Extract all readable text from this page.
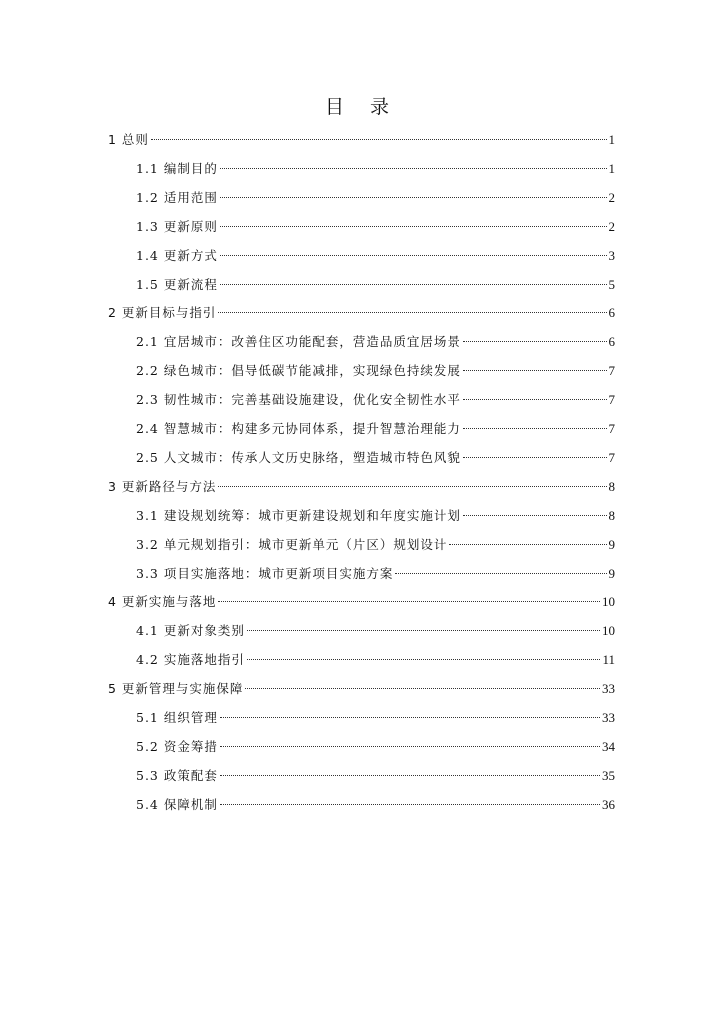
目 录
1 总则	1
1.1 编制目的	1
1.2 适用范围	2
1.3 更新原则	2
1.4 更新方式	3
1.5 更新流程	5
2 更新目标与指引	6
2.1 宜居城市：改善住区功能配套，营造品质宜居场景	6
2.2 绿色城市：倡导低碳节能减排，实现绿色持续发展	7
2.3 韧性城市：完善基础设施建设，优化安全韧性水平	7
2.4 智慧城市：构建多元协同体系，提升智慧治理能力	7
2.5 人文城市：传承人文历史脉络，塑造城市特色风貌	7
3 更新路径与方法	8
3.1 建设规划统筹：城市更新建设规划和年度实施计划	8
3.2 单元规划指引：城市更新单元（片区）规划设计	9
3.3 项目实施落地：城市更新项目实施方案	9
4 更新实施与落地	10
4.1 更新对象类别	10
4.2 实施落地指引	11
5 更新管理与实施保障	33
5.1 组织管理	33
5.2 资金筹措	34
5.3 政策配套	35
5.4 保障机制	36
